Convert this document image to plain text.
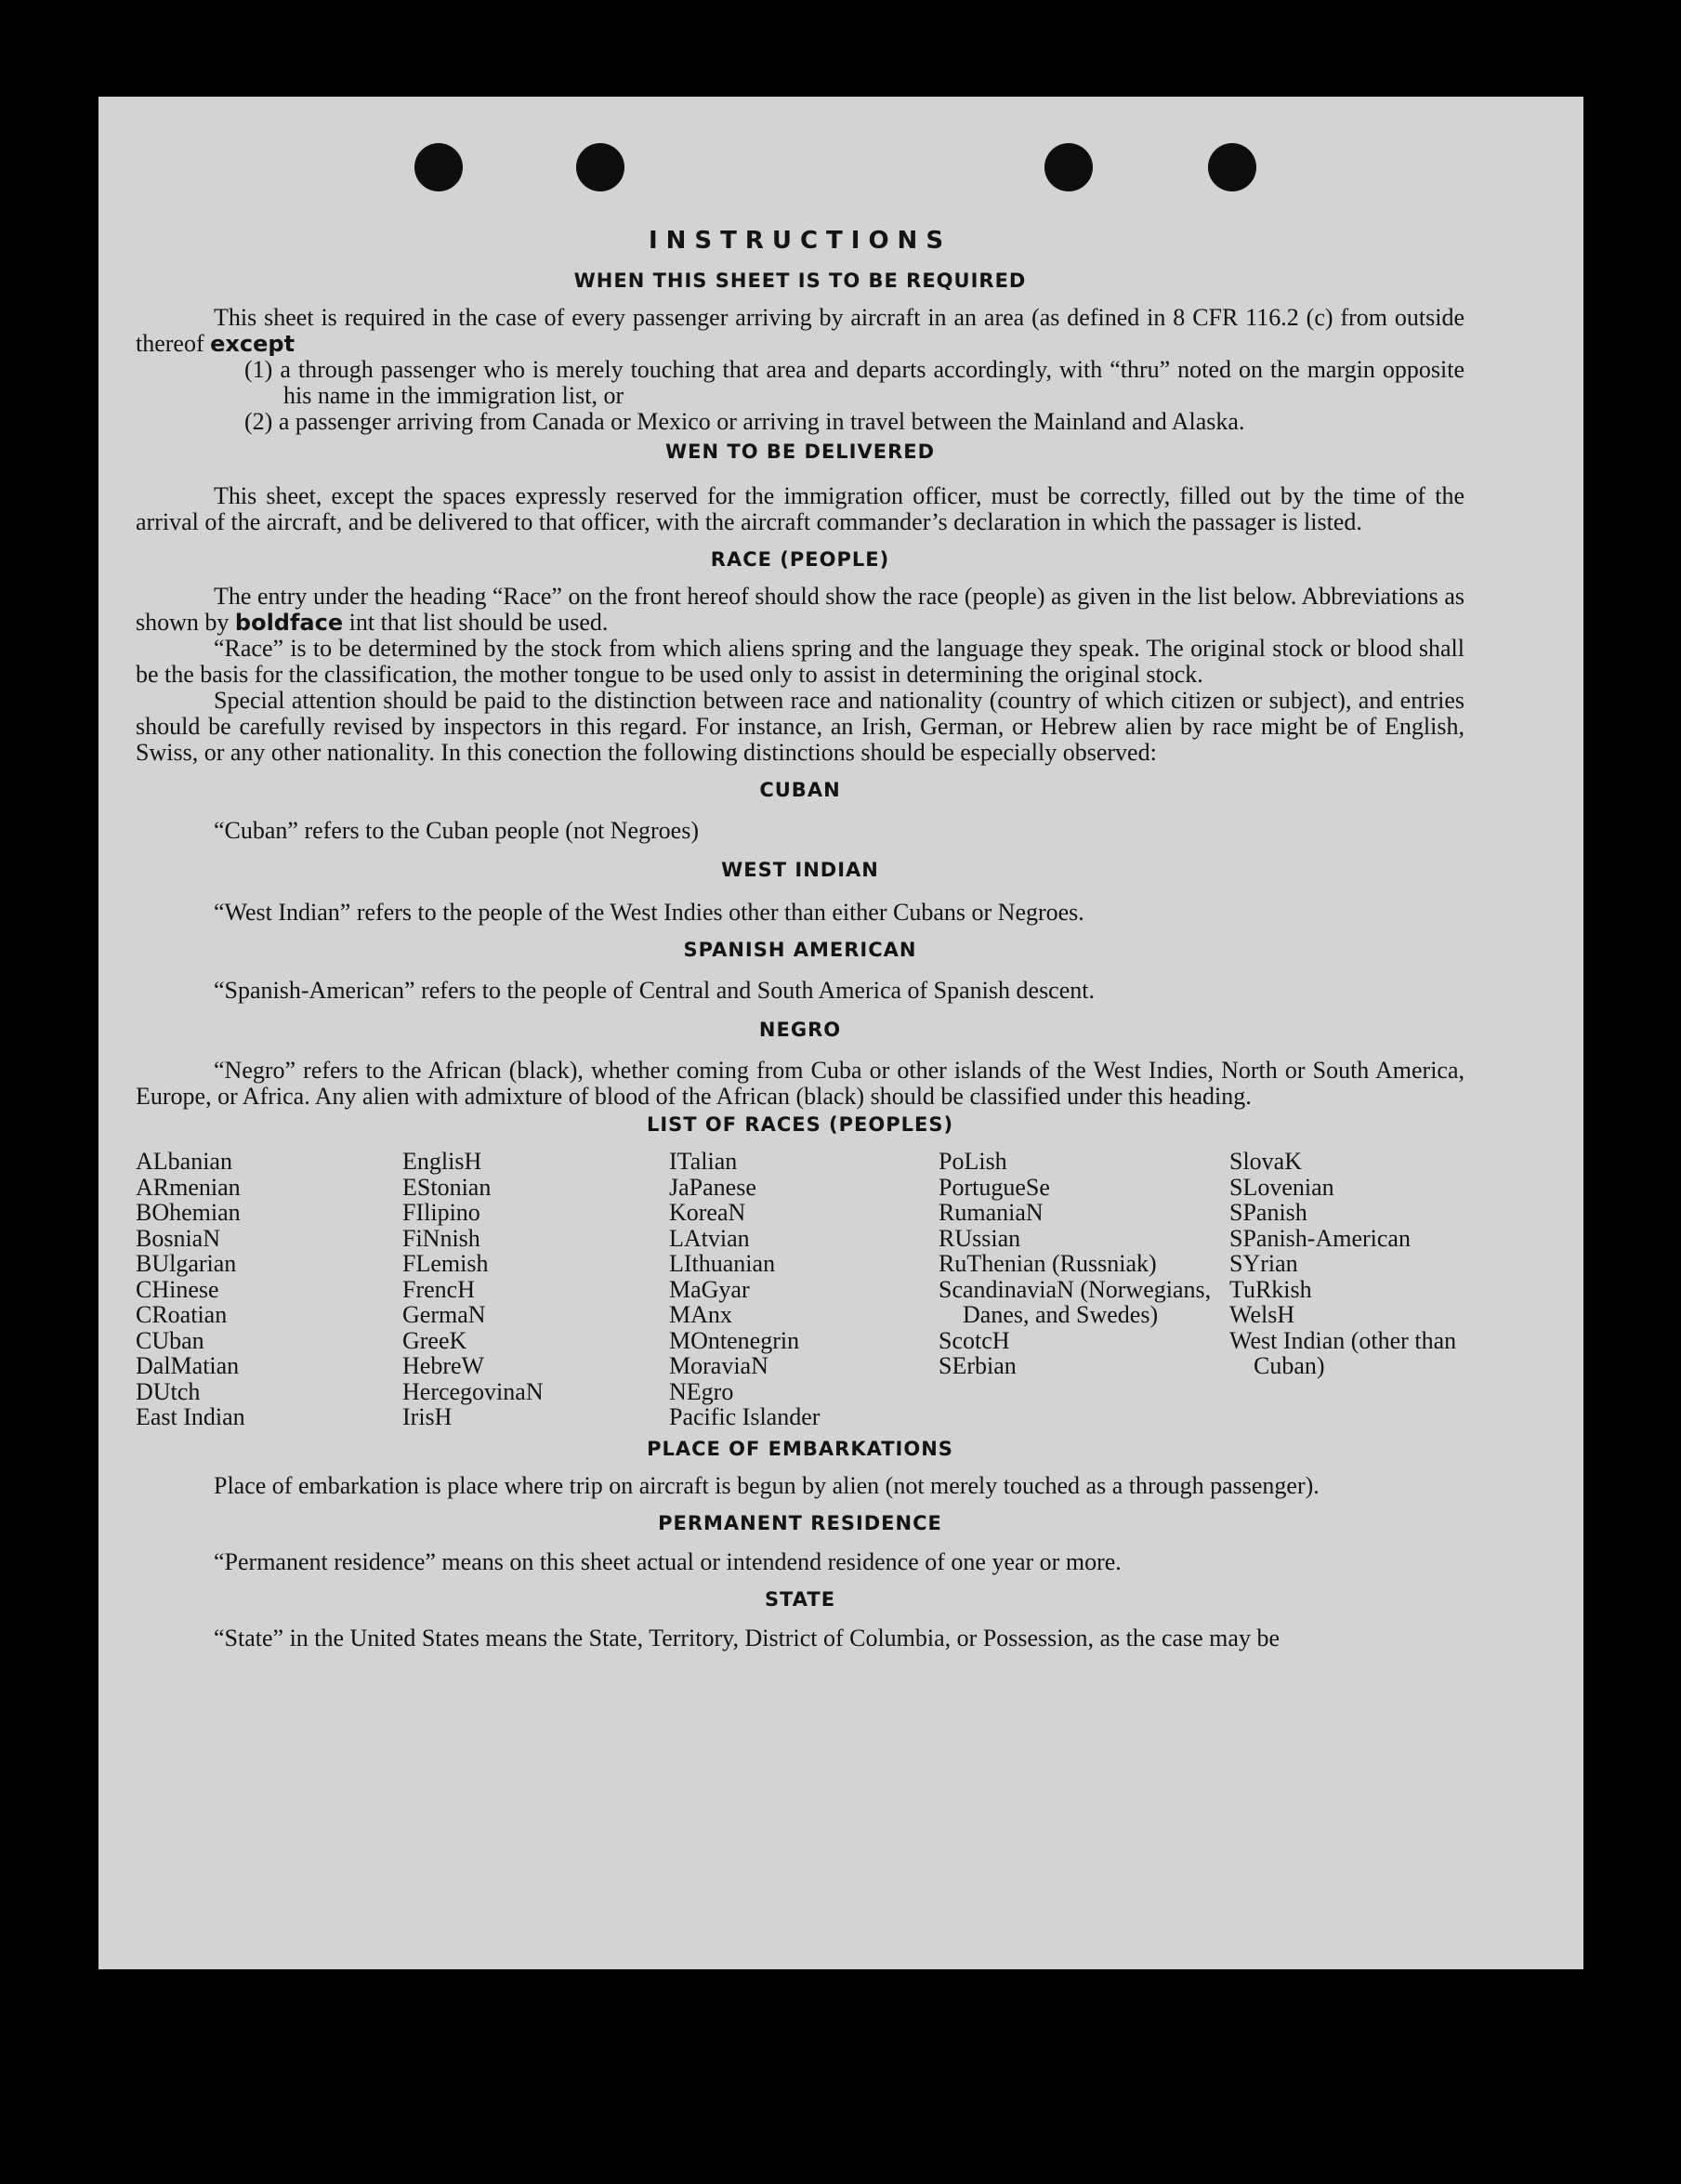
INSTRUCTIONS
WHEN THIS SHEET IS TO BE REQUIRED

This sheet is required in the case of every passenger arriving by aircraft in an area (as defined in 8 CFR 116.2 (c) from outside thereof except

(1) a through passenger who is merely touching that area and departs accordingly, with “thru” noted on the margin opposite his name in the immigration list, or

(2) a passenger arriving from Canada or Mexico or arriving in travel between the Mainland and Alaska.

WEN TO BE DELIVERED

This sheet, except the spaces expressly reserved for the immigration officer, must be correctly, filled out by the time of the arrival of the aircraft, and be delivered to that officer, with the aircraft commander’s declaration in which the passager is listed.

RACE (PEOPLE)

The entry under the heading “Race” on the front hereof should show the race (people) as given in the list below. Abbreviations as shown by boldface int that list should be used.

“Race” is to be determined by the stock from which aliens spring and the language they speak. The original stock or blood shall be the basis for the classification, the mother tongue to be used only to assist in determining the original stock.

Special attention should be paid to the distinction between race and nationality (country of which citizen or subject), and entries should be carefully revised by inspectors in this regard. For instance, an Irish, German, or Hebrew alien by race might be of English, Swiss, or any other nationality. In this conection the following distinctions should be especially observed:

CUBAN

“Cuban” refers to the Cuban people (not Negroes)

WEST INDIAN

“West Indian” refers to the people of the West Indies other than either Cubans or Negroes.

SPANISH AMERICAN

“Spanish-American” refers to the people of Central and South America of Spanish descent.

NEGRO

“Negro” refers to the African (black), whether coming from Cuba or other islands of the West Indies, North or South America, Europe, or Africa. Any alien with admixture of blood of the African (black) should be classified under this heading.

LIST OF RACES (PEOPLES)
ALbanian
ARmenian
BOhemian
BosniaN
BUlgarian
CHinese
CRoatian
CUban
DalMatian
DUtch
East Indian
EnglisH
EStonian
FIlipino
FiNnish
FLemish
FrencH
GermaN
GreeK
HebreW
HercegovinaN
IrisH
ITalian
JaPanese
KoreaN
LAtvian
LIthuanian
MaGyar
MAnx
MOntenegrin
MoraviaN
NEgro
Pacific Islander
PoLish
PortugueSe
RumaniaN
RUssian
RuThenian (Russniak)
ScandinaviaN (Norwegians, Danes, and Swedes)
ScotcH
SErbian
SlovaK
SLovenian
SPanish
SPanish-American
SYrian
TuRkish
WelsH
West Indian (other than Cuban)
PLACE OF EMBARKATIONS

Place of embarkation is place where trip on aircraft is begun by alien (not merely touched as a through passenger).

PERMANENT RESIDENCE

“Permanent residence” means on this sheet actual or intendend residence of one year or more.

STATE

“State” in the United States means the State, Territory, District of Columbia, or Possession, as the case may be
